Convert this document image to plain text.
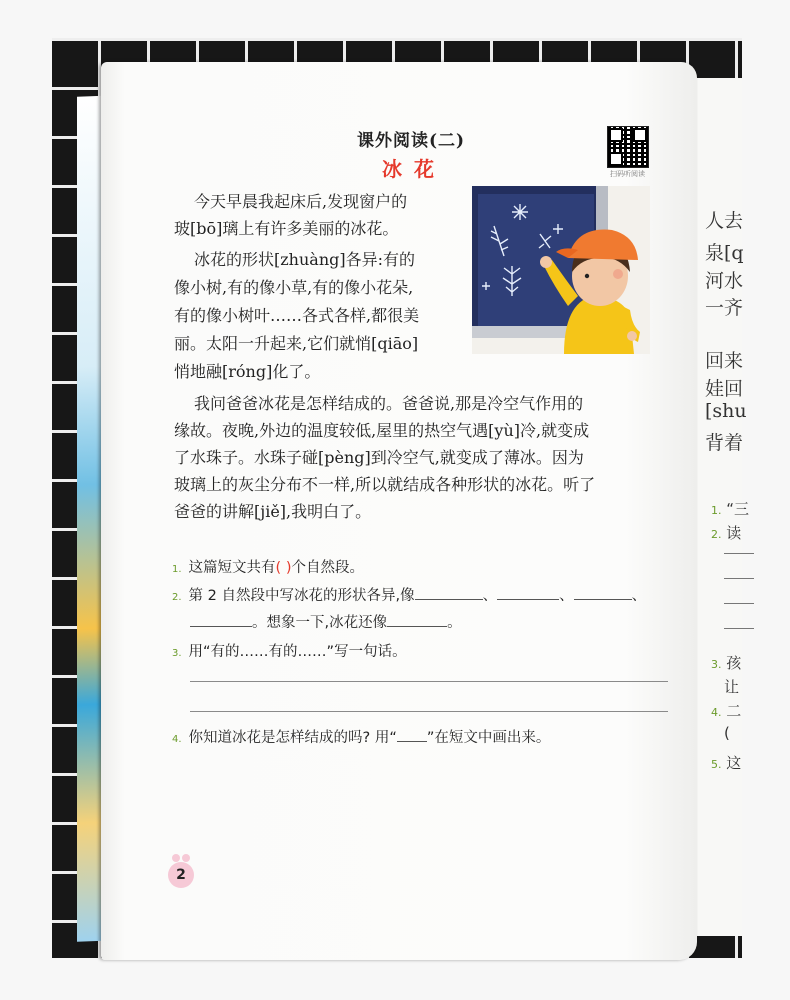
人去
泉[q
河水
一齐
回来
娃回
[shu
背着
1. “三
2. 读
3. 孩
让
4. 二
(
5. 这
课外阅读(二)
冰花	扫码听阅读
今天早晨我起床后,发现窗户的
玻[bō]璃上有许多美丽的冰花。
冰花的形状[zhuàng]各异:有的
像小树,有的像小草,有的像小花朵,
有的像小树叶……各式各样,都很美
丽。太阳一升起来,它们就悄[qiāo]
悄地融[róng]化了。
我问爸爸冰花是怎样结成的。爸爸说,那是冷空气作用的
缘故。夜晚,外边的温度较低,屋里的热空气遇[yù]冷,就变成
了水珠子。水珠子碰[pèng]到冷空气,就变成了薄冰。因为
玻璃上的灰尘分布不一样,所以就结成各种形状的冰花。听了
爸爸的讲解[jiě],我明白了。
1. 这篇短文共有( )个自然段。
2. 第 2 自然段中写冰花的形状各异,像	、	、	、
。想象一下,冰花还像	。
3. 用“有的……有的……”写一句话。
4. 你知道冰花是怎样结成的吗? 用“ ”在短文中画出来。
2
